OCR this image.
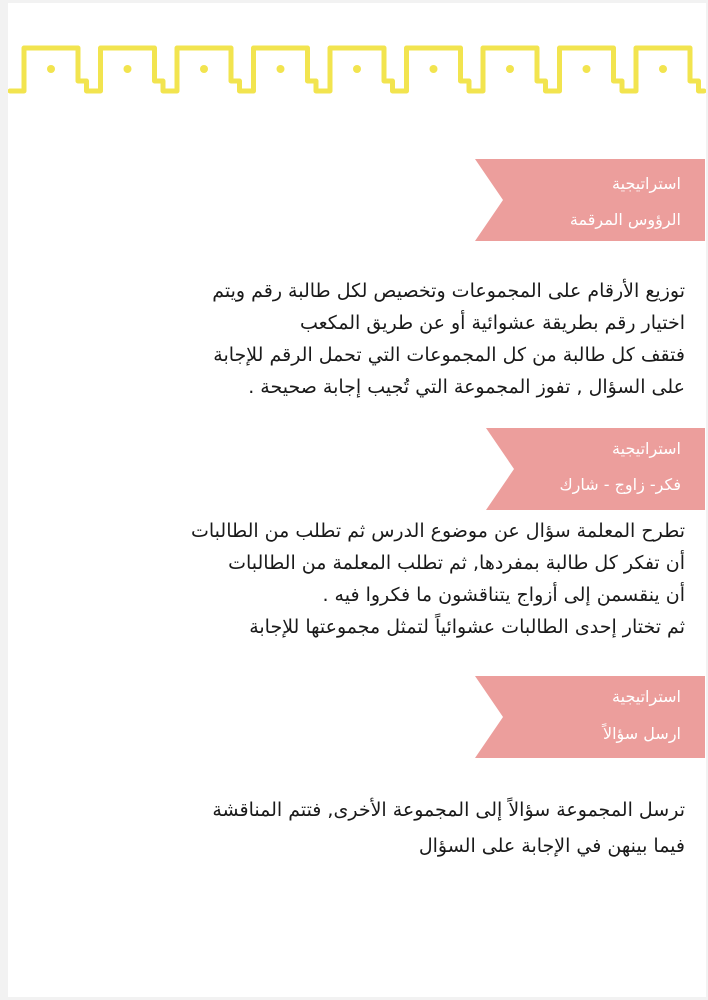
استراتيجية
الرؤوس المرقمة
توزيع الأرقام على المجموعات وتخصيص لكل طالبة رقم ويتم
اختيار رقم بطريقة عشوائية أو عن طريق المكعب
فتقف كل طالبة من كل المجموعات التي تحمل الرقم للإجابة
على السؤال , تفوز المجموعة التي تُجيب إجابة صحيحة .
استراتيجية
فكر- زاوج - شارك
تطرح المعلمة سؤال عن موضوع الدرس ثم تطلب من الطالبات
أن تفكر كل طالبة بمفردها, ثم تطلب المعلمة من الطالبات
أن ينقسمن إلى أزواج يتناقشون ما فكروا فيه .
ثم تختار إحدى الطالبات عشوائياً لتمثل مجموعتها للإجابة
استراتيجية
ارسل سؤالاً
ترسل المجموعة سؤالاً إلى المجموعة الأخرى, فتتم المناقشة
فيما بينهن في الإجابة على السؤال
